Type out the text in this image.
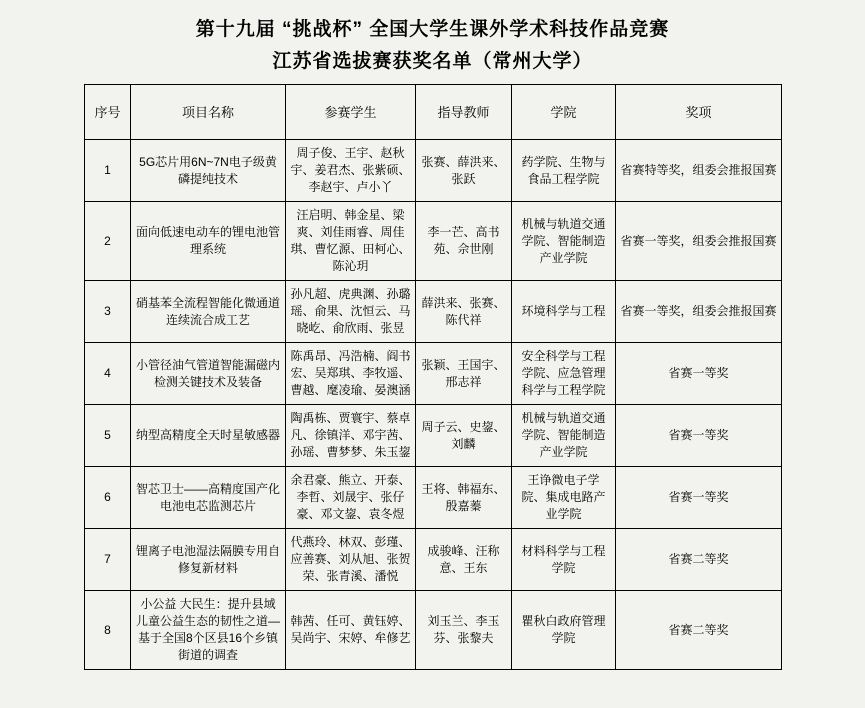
第十九届 “挑战杯” 全国大学生课外学术科技作品竞赛
江苏省选拔赛获奖名单（常州大学）
序号	项目名称	参赛学生	指导教师	学院	奖项
1	5G芯片用6N~7N电子级黄磷提纯技术	周子俊、王宇、赵秋宇、姜君杰、张紫硕、李赵宇、卢小丫	张赛、薛洪来、张跃	药学院、生物与食品工程学院	省赛特等奖，组委会推报国赛
2	面向低速电动车的锂电池管理系统	汪启明、韩金星、梁爽、刘佳雨睿、周佳琪、曹忆源、田柯心、陈沁玥	李一芒、高书苑、佘世刚	机械与轨道交通学院、智能制造产业学院	省赛一等奖，组委会推报国赛
3	硝基苯全流程智能化微通道连续流合成工艺	孙凡超、虎典渊、孙璐瑶、俞果、沈恒云、马晓屹、俞欣雨、张昱	薛洪来、张赛、陈代祥	环境科学与工程	省赛一等奖，组委会推报国赛
4	小管径油气管道智能漏磁内检测关键技术及装备	陈禹昂、冯浩楠、阎书宏、吴郑琪、李牧遥、曹越、麾凌瑜、晏澳涵	张颖、王国宇、邢志祥	安全科学与工程学院、应急管理科学与工程学院	省赛一等奖
5	纳型高精度全天时星敏感器	陶禹栋、贾寰宇、蔡卓凡、徐镇洋、邓宇茜、孙瑶、曹梦梦、朱玉鋆	周子云、史鋆、刘麟	机械与轨道交通学院、智能制造产业学院	省赛一等奖
6	智芯卫士——高精度国产化电池电芯监测芯片	余君豪、熊立、开泰、李哲、刘晟宇、张仔豪、邓文鋆、袁冬煜	王将、韩福东、殷嘉蓁	王诤微电子学院、集成电路产业学院	省赛一等奖
7	锂离子电池湿法隔膜专用自修复新材料	代燕玲、林双、彭瑾、应善赛、刘从旭、张贺荣、张青溪、潘悦	成骏峰、汪称意、王东	材料科学与工程学院	省赛二等奖
8	小公益 大民生：提升县域儿童公益生态的韧性之道—基于全国8个区县16个乡镇街道的调查	韩茜、任可、黄钰婷、吴尚宇、宋婷、牟修艺	刘玉兰、李玉芬、张黎夫	瞿秋白政府管理学院	省赛二等奖
